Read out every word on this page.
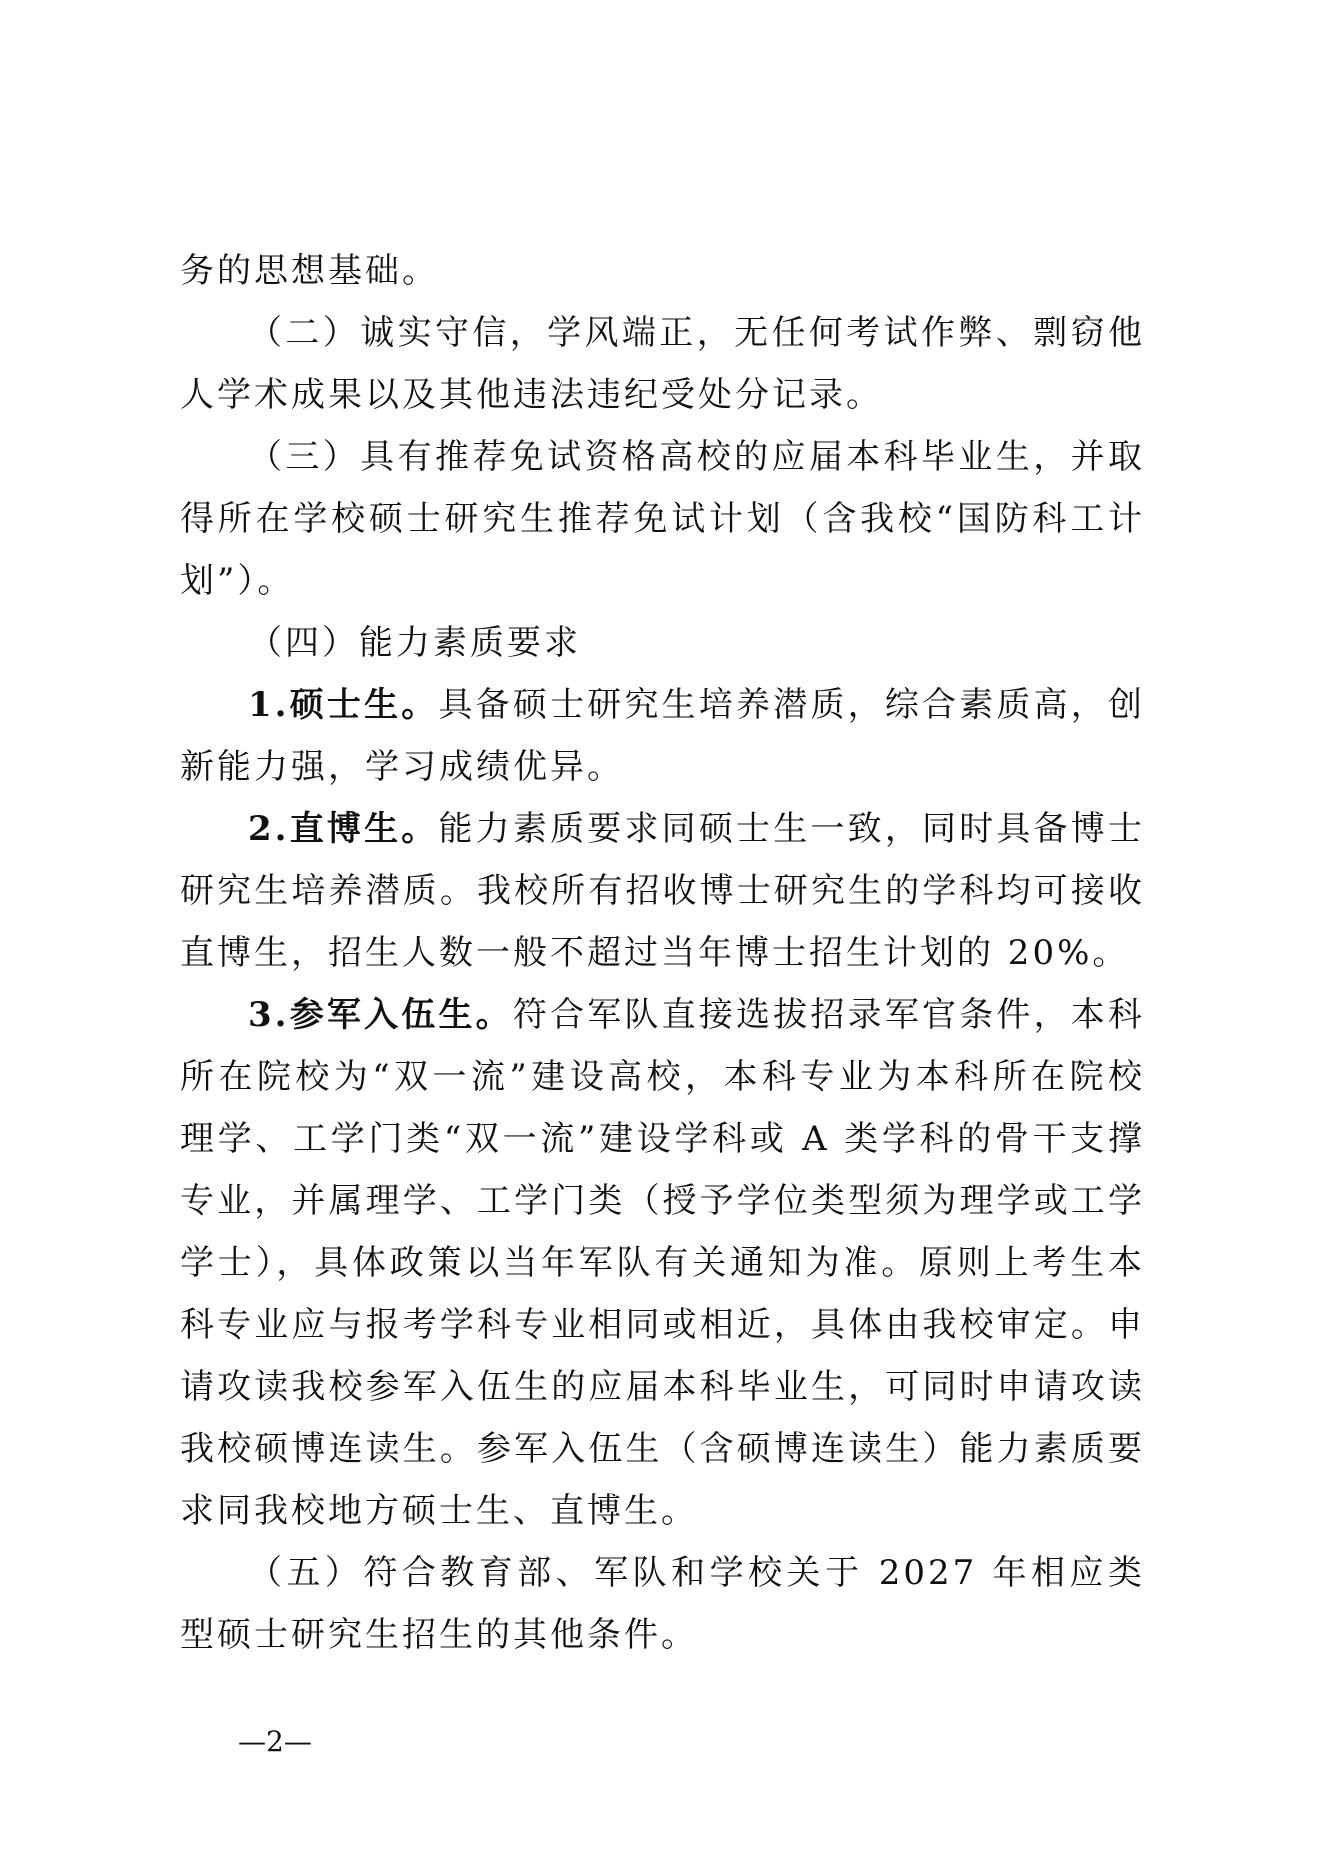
务的思想基础。

（二）诚实守信，学风端正，无任何考试作弊、剽窃他人学术成果以及其他违法违纪受处分记录。

（三）具有推荐免试资格高校的应届本科毕业生，并取得所在学校硕士研究生推荐免试计划（含我校“国防科工计划”）。

（四）能力素质要求

1.硕士生。具备硕士研究生培养潜质，综合素质高，创新能力强，学习成绩优异。

2.直博生。能力素质要求同硕士生一致，同时具备博士研究生培养潜质。我校所有招收博士研究生的学科均可接收直博生，招生人数一般不超过当年博士招生计划的 20%。

3.参军入伍生。符合军队直接选拔招录军官条件，本科所在院校为“双一流”建设高校，本科专业为本科所在院校理学、工学门类“双一流”建设学科或 A 类学科的骨干支撑专业，并属理学、工学门类（授予学位类型须为理学或工学学士），具体政策以当年军队有关通知为准。原则上考生本科专业应与报考学科专业相同或相近，具体由我校审定。申请攻读我校参军入伍生的应届本科毕业生，可同时申请攻读我校硕博连读生。参军入伍生（含硕博连读生）能力素质要求同我校地方硕士生、直博生。

（五）符合教育部、军队和学校关于 2027 年相应类型硕士研究生招生的其他条件。

—2—
